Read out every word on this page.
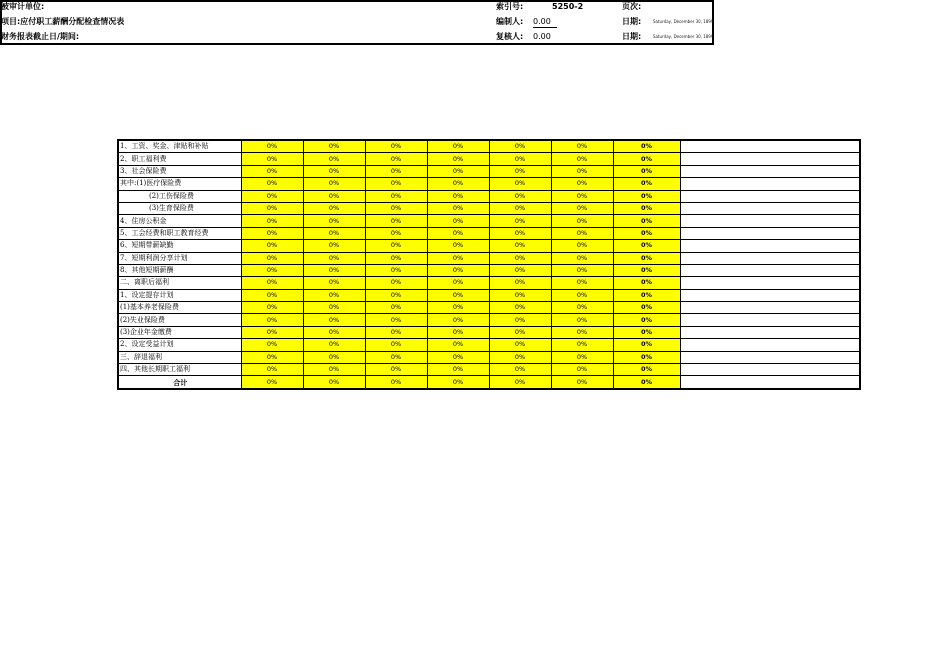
被审计单位:
项目:应付职工薪酬分配检查情况表
财务报表截止日/期间:
索引号:	5250-2
编制人: 0.00
复核人: 0.00
页次:
日期:	Saturday, December 30, 1899
日期:	Saturday, December 30, 1899
1、工资、奖金、津贴和补贴	0%	0%	0%	0%	0%	0%	0%	
2、职工福利费	0%	0%	0%	0%	0%	0%	0%	
3、社会保险费	0%	0%	0%	0%	0%	0%	0%	
其中:(1)医疗保险费	0%	0%	0%	0%	0%	0%	0%	
(2)工伤保险费	0%	0%	0%	0%	0%	0%	0%	
(3)生育保险费	0%	0%	0%	0%	0%	0%	0%	
4、住房公积金	0%	0%	0%	0%	0%	0%	0%	
5、工会经费和职工教育经费	0%	0%	0%	0%	0%	0%	0%	
6、短期带薪缺勤	0%	0%	0%	0%	0%	0%	0%	
7、短期利润分享计划	0%	0%	0%	0%	0%	0%	0%	
8、其他短期薪酬	0%	0%	0%	0%	0%	0%	0%	
二、离职后福利	0%	0%	0%	0%	0%	0%	0%	
1、设定提存计划	0%	0%	0%	0%	0%	0%	0%	
(1)基本养老保险费	0%	0%	0%	0%	0%	0%	0%	
(2)失业保险费	0%	0%	0%	0%	0%	0%	0%	
(3)企业年金缴费	0%	0%	0%	0%	0%	0%	0%	
2、设定受益计划	0%	0%	0%	0%	0%	0%	0%	
三、辞退福利	0%	0%	0%	0%	0%	0%	0%	
四、其他长期职工福利	0%	0%	0%	0%	0%	0%	0%	
合计	0%	0%	0%	0%	0%	0%	0%	
